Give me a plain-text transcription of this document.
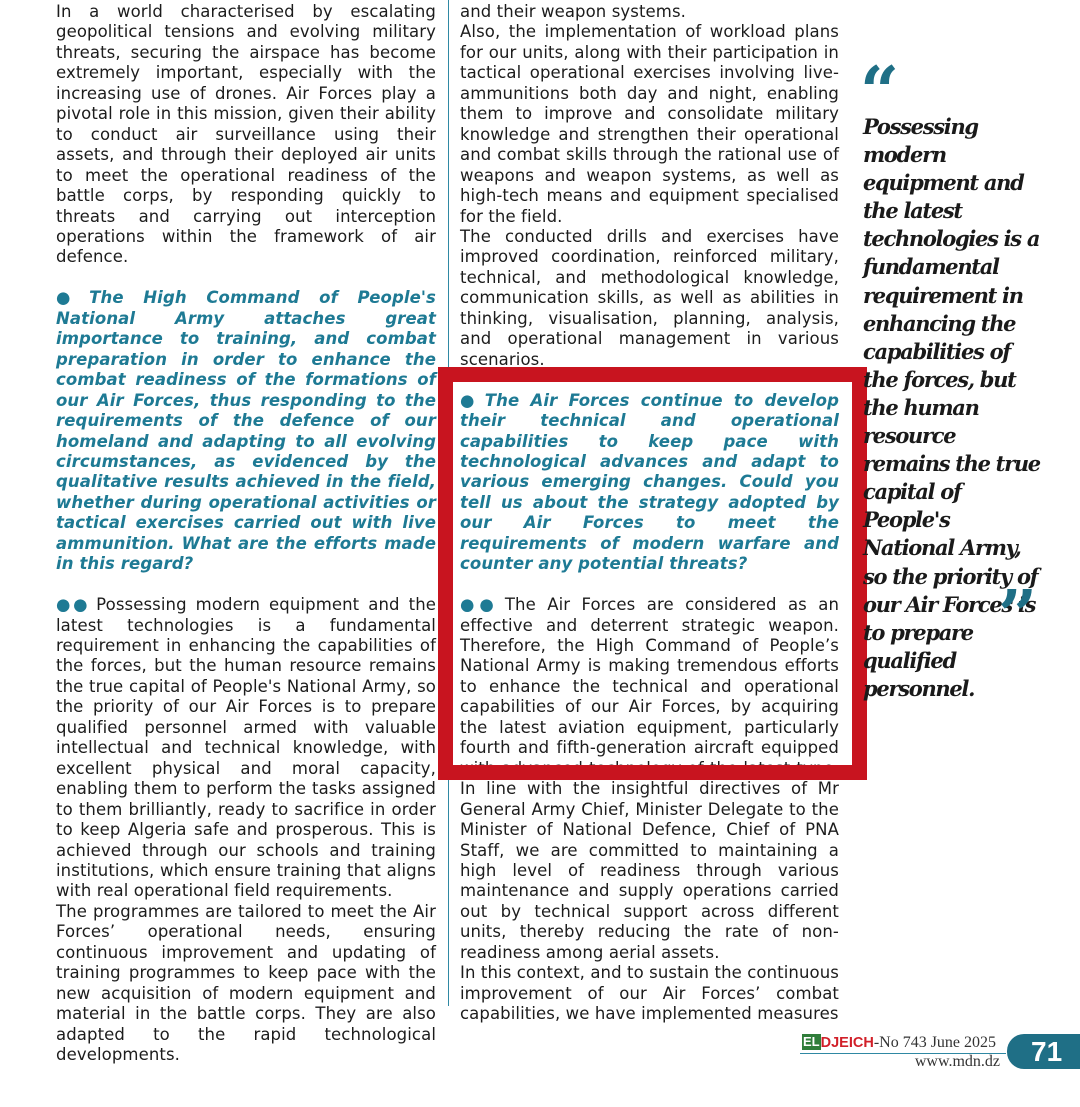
In a world characterised by escalating geopolitical tensions and evolving military threats, securing the airspace has become extremely important, especially with the increasing use of drones. Air Forces play a pivotal role in this mission, given their ability to conduct air surveillance using their assets, and through their deployed air units to meet the operational readiness of the battle corps, by responding quickly to threats and carrying out interception operations within the framework of air defence.

● The High Command of People's National Army attaches great importance to training, and combat preparation in order to enhance the combat readiness of the formations of our Air Forces, thus responding to the requirements of the defence of our homeland and adapting to all evolving circumstances, as evidenced by the qualitative results achieved in the field, whether during operational activities or tactical exercises carried out with live ammunition. What are the efforts made in this regard?

●● Possessing modern equipment and the latest technologies is a fundamental requirement in enhancing the capabilities of the forces, but the human resource remains the true capital of People's National Army, so the priority of our Air Forces is to prepare qualified personnel armed with valuable intellectual and technical knowledge, with excellent physical and moral capacity, enabling them to perform the tasks assigned to them brilliantly, ready to sacrifice in order to keep Algeria safe and prosperous. This is achieved through our schools and training institutions, which ensure training that aligns with real operational field requirements.

The programmes are tailored to meet the Air Forces’ operational needs, ensuring continuous improvement and updating of training programmes to keep pace with the new acquisition of modern equipment and material in the battle corps. They are also adapted to the rapid technological developments.

and their weapon systems.

Also, the implementation of workload plans for our units, along with their participation in tactical operational exercises involving live-ammunitions both day and night, enabling them to improve and consolidate military knowledge and strengthen their operational and combat skills through the rational use of weapons and weapon systems, as well as high-tech means and equipment specialised for the field.

The conducted drills and exercises have improved coordination, reinforced military, technical, and methodological knowledge, communication skills, as well as abilities in thinking, visualisation, planning, analysis, and operational management in various scenarios.

● The Air Forces continue to develop their technical and operational capabilities to keep pace with technological advances and adapt to various emerging changes. Could you tell us about the strategy adopted by our Air Forces to meet the requirements of modern warfare and counter any potential threats?

●● The Air Forces are considered as an effective and deterrent strategic weapon. Therefore, the High Command of People’s National Army is making tremendous efforts to enhance the technical and operational capabilities of our Air Forces, by acquiring the latest aviation equipment, particularly fourth and fifth-generation aircraft equipped with advanced technology of the latest type. In line with the insightful directives of Mr General Army Chief, Minister Delegate to the Minister of National Defence, Chief of PNA Staff, we are committed to maintaining a high level of readiness through various maintenance and supply operations carried out by technical support across different units, thereby reducing the rate of non-readiness among aerial assets.

In this context, and to sustain the continuous improvement of our Air Forces’ combat capabilities, we have implemented measures

“
Possessing modern equipment and the latest technologies is a fundamental requirement in enhancing the capabilities of the forces, but the human resource remains the true capital of People's National Army, so the priority of our Air Forces is to prepare qualified personnel.
”
ELDJEICH-No 743 June 2025
www.mdn.dz 71
